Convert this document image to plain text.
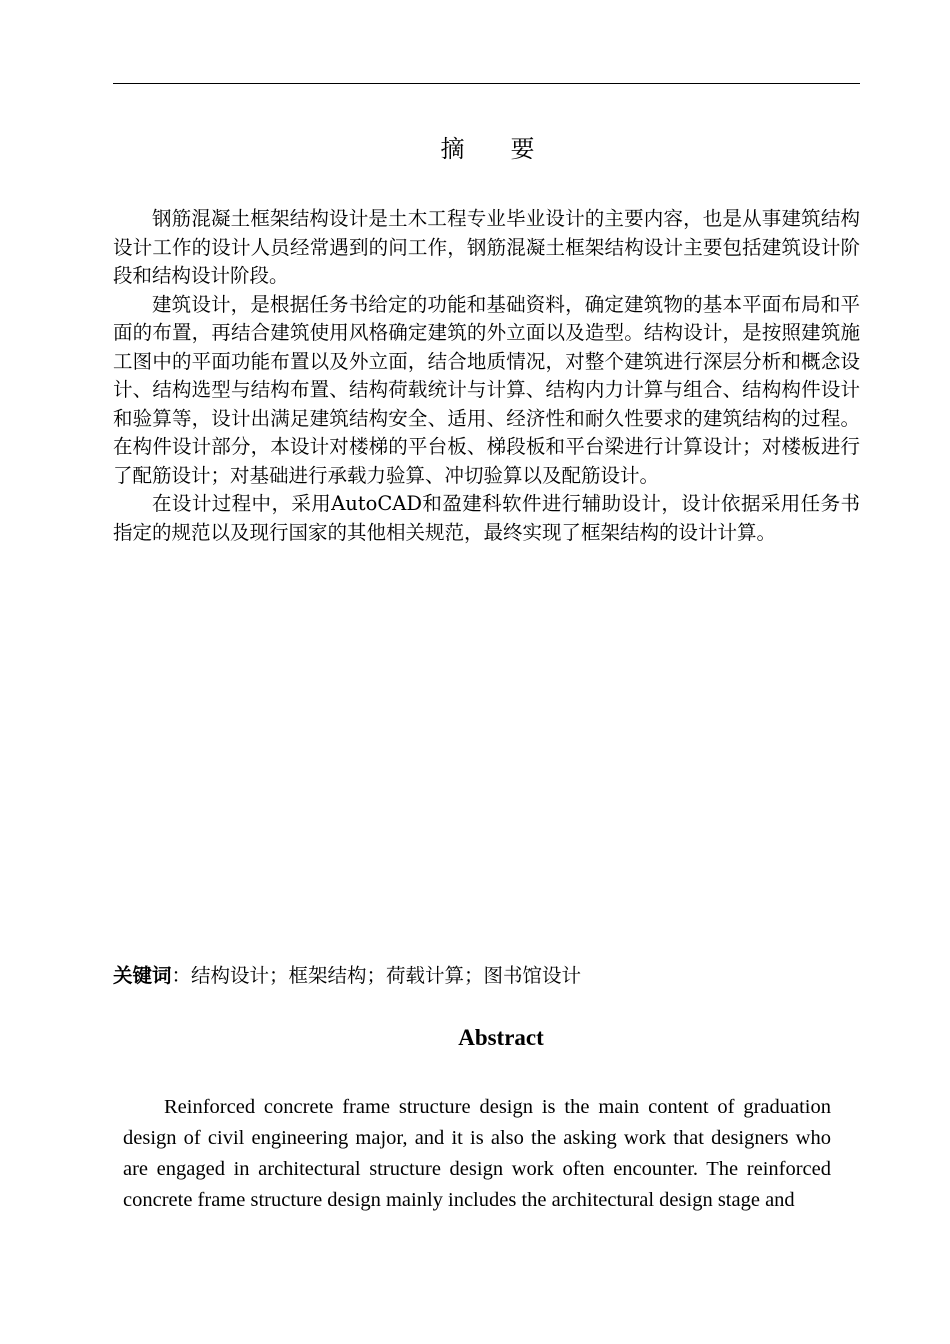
摘 要

钢筋混凝土框架结构设计是土木工程专业毕业设计的主要内容，也是从事建筑结构设计工作的设计人员经常遇到的问工作，钢筋混凝土框架结构设计主要包括建筑设计阶段和结构设计阶段。

建筑设计，是根据任务书给定的功能和基础资料，确定建筑物的基本平面布局和平面的布置，再结合建筑使用风格确定建筑的外立面以及造型。结构设计，是按照建筑施工图中的平面功能布置以及外立面，结合地质情况，对整个建筑进行深层分析和概念设计、结构选型与结构布置、结构荷载统计与计算、结构内力计算与组合、结构构件设计和验算等，设计出满足建筑结构安全、适用、经济性和耐久性要求的建筑结构的过程。在构件设计部分，本设计对楼梯的平台板、梯段板和平台梁进行计算设计；对楼板进行了配筋设计；对基础进行承载力验算、冲切验算以及配筋设计。

在设计过程中，采用AutoCAD和盈建科软件进行辅助设计，设计依据采用任务书指定的规范以及现行国家的其他相关规范，最终实现了框架结构的设计计算。

关键词：结构设计；框架结构；荷载计算；图书馆设计
Abstract

Reinforced concrete frame structure design is the main content of graduation design of civil engineering major, and it is also the asking work that designers who are engaged in architectural structure design work often encounter. The reinforced concrete frame structure design mainly includes the architectural design stage and
